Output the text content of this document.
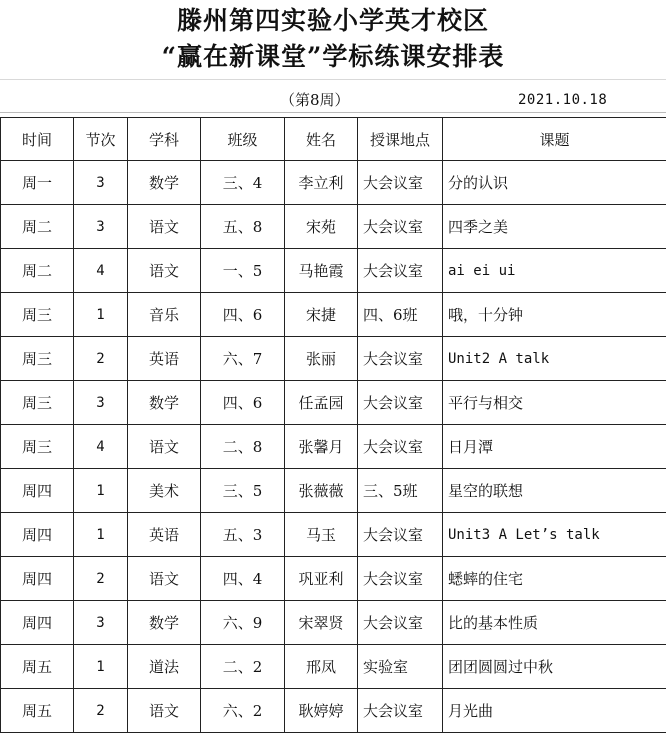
滕州第四实验小学英才校区
“赢在新课堂”学标练课安排表
（第8周）	2021.10.18
时间	节次	学科	班级	姓名	授课地点	课题
周一	3	数学	三、4	李立利	大会议室	分的认识
周二	3	语文	五、8	宋苑	大会议室	四季之美
周二	4	语文	一、5	马艳霞	大会议室	ai ei ui
周三	1	音乐	四、6	宋捷	四、6班	哦，十分钟
周三	2	英语	六、7	张丽	大会议室	Unit2 A talk
周三	3	数学	四、6	任孟园	大会议室	平行与相交
周三	4	语文	二、8	张馨月	大会议室	日月潭
周四	1	美术	三、5	张薇薇	三、5班	星空的联想
周四	1	英语	五、3	马玉	大会议室	Unit3 A Let’s talk
周四	2	语文	四、4	巩亚利	大会议室	蟋蟀的住宅
周四	3	数学	六、9	宋翠贤	大会议室	比的基本性质
周五	1	道法	二、2	邢凤	实验室	团团圆圆过中秋
周五	2	语文	六、2	耿婷婷	大会议室	月光曲
